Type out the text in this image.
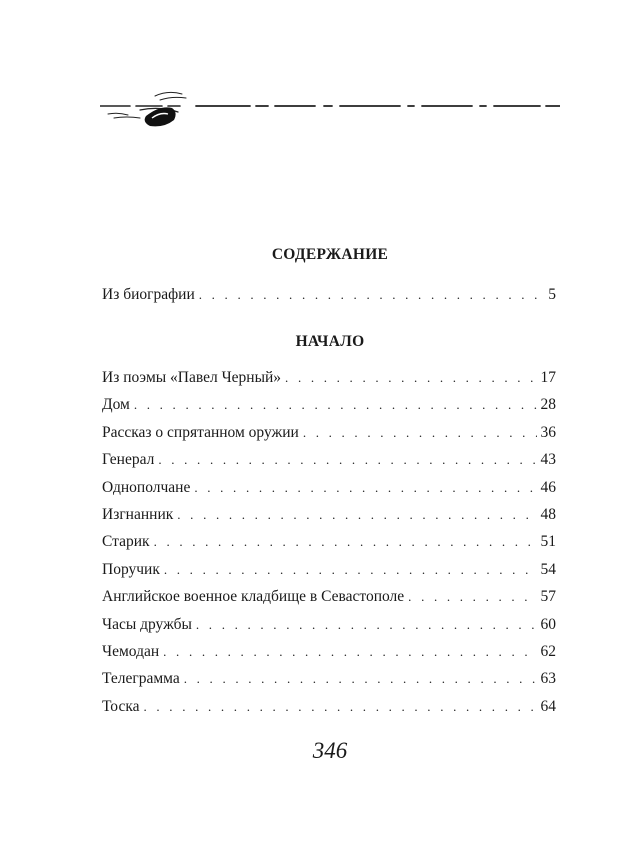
СОДЕРЖАНИЕ
Из биографии . . .	5
НАЧАЛО
Из поэмы «Павел Черный» . . .	17
Дом . . .	28
Рассказ о спрятанном оружии . . .	36
Генерал . . .	43
Однополчане . . .	46
Изгнанник . . .	48
Старик . . .	51
Поручик . . .	54
Английское военное кладбище в Севастополе . . .	57
Часы дружбы . . .	60
Чемодан . . .	62
Телеграмма . . .	63
Тоска . . .	64
346
